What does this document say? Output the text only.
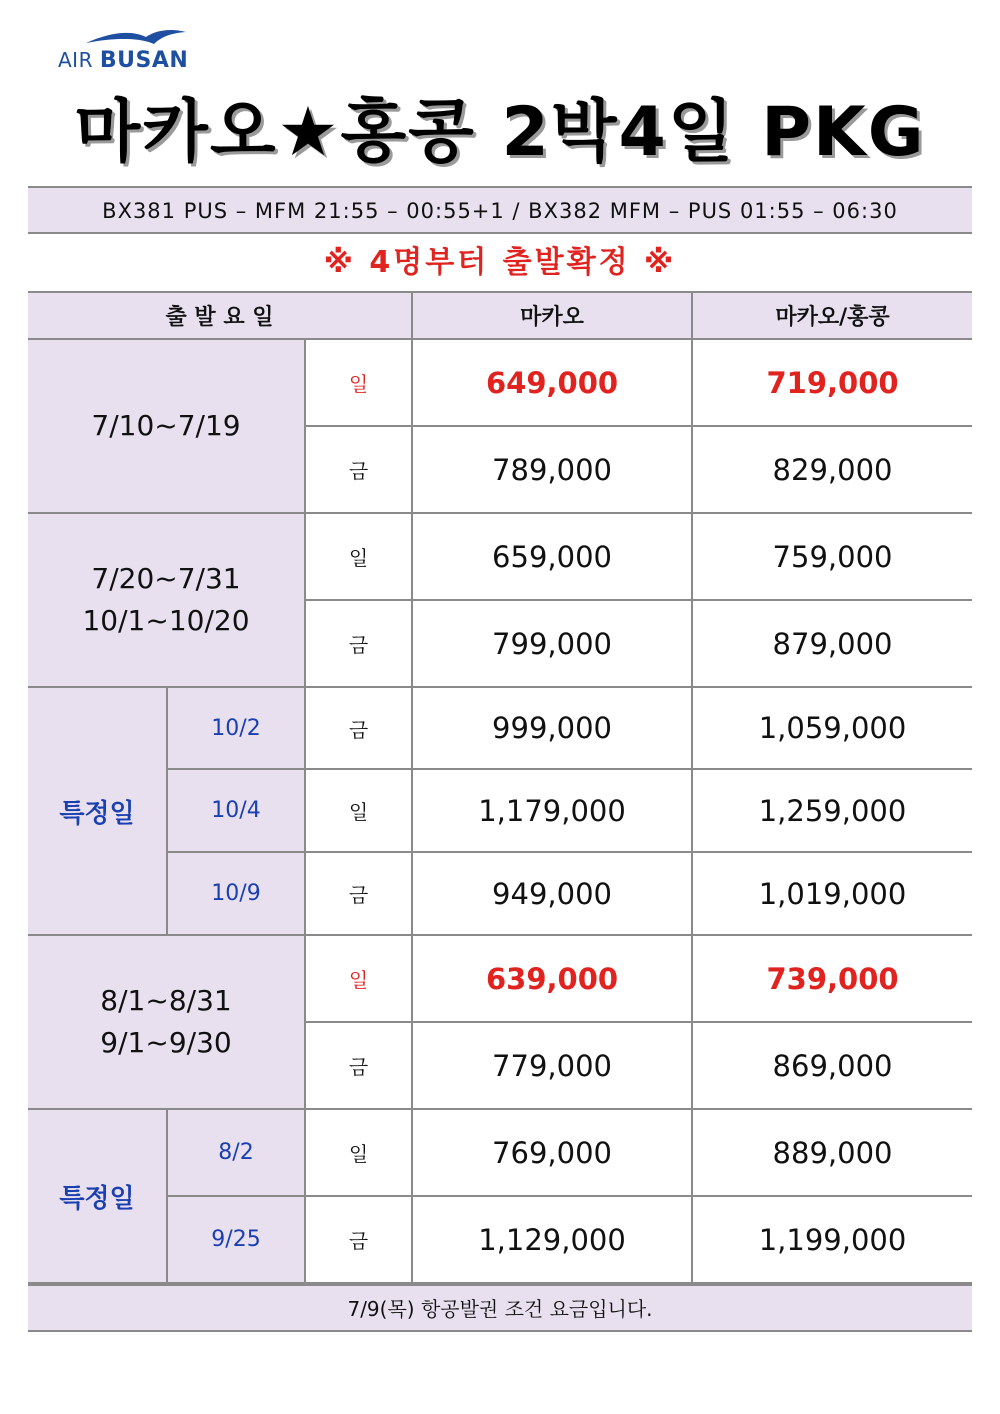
AIR BUSAN
마카오★홍콩 2박4일 PKG
BX381 PUS – MFM 21:55 – 00:55+1 / BX382 MFM – PUS 01:55 – 06:30
※ 4명부터 출발확정 ※
출 발 요 일			마카오	마카오/홍콩
7/10~7/19		일	649,000	719,000
		금	789,000	829,000

7/20~7/31
10/1~10/20		일	659,000	759,000
		금	799,000	879,000
특정일	10/2	금	999,000	1,059,000
	10/4	일	1,179,000	1,259,000
	10/9	금	949,000	1,019,000

8/1~8/31
9/1~9/30		일	639,000	739,000
		금	779,000	869,000
특정일	8/2	일	769,000	889,000
	9/25	금	1,129,000	1,199,000
7/9(목) 항공발권 조건 요금입니다.
